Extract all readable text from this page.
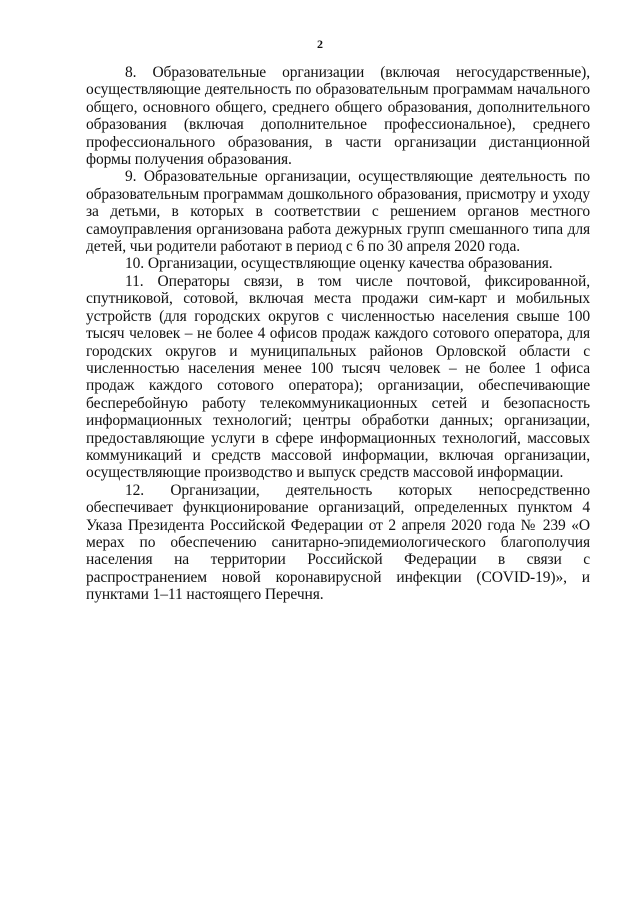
2

8. Образовательные организации (включая негосударственные), осуществляющие деятельность по образовательным программам начального общего, основного общего, среднего общего образования, дополнительного образования (включая дополнительное профессиональное), среднего профессионального образования, в части организации дистанционной формы получения образования.

9. Образовательные организации, осуществляющие деятельность по образовательным программам дошкольного образования, присмотру и уходу за детьми, в которых в соответствии с решением органов местного самоуправления организована работа дежурных групп смешанного типа для детей, чьи родители работают в период с 6 по 30 апреля 2020 года.

10. Организации, осуществляющие оценку качества образования.

11. Операторы связи, в том числе почтовой, фиксированной, спутниковой, сотовой, включая места продажи сим-карт и мобильных устройств (для городских округов с численностью населения свыше 100 тысяч человек – не более 4 офисов продаж каждого сотового оператора, для городских округов и муниципальных районов Орловской области с численностью населения менее 100 тысяч человек – не более 1 офиса продаж каждого сотового оператора); организации, обеспечивающие бесперебойную работу телекоммуникационных сетей и безопасность информационных технологий; центры обработки данных; организации, предоставляющие услуги в сфере информационных технологий, массовых коммуникаций и средств массовой информации, включая организации, осуществляющие производство и выпуск средств массовой информации.

12. Организации, деятельность которых непосредственно обеспечивает функционирование организаций, определенных пунктом 4 Указа Президента Российской Федерации от 2 апреля 2020 года № 239 «О мерах по обеспечению санитарно-эпидемиологического благополучия населения на территории Российской Федерации в связи с распространением новой коронавирусной инфекции (COVID-19)», и пунктами 1–11 настоящего Перечня.
